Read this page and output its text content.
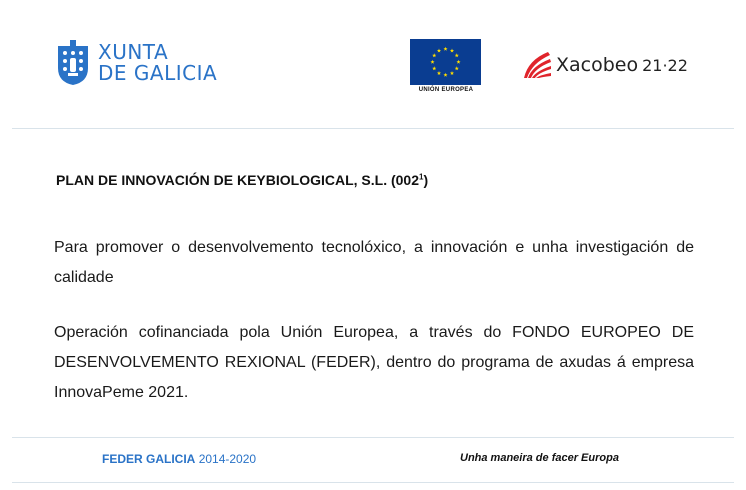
XUNTA
DE GALICIA
UNIÓN EUROPEA
Xacobeo 21·22
PLAN DE INNOVACIÓN DE KEYBIOLOGICAL, S.L. $(002^1)$
Para promover o desenvolvemento tecnolóxico, a innovación e unha investigación de calidade
Operación cofinanciada pola Unión Europea, a través do FONDO EUROPEO DE DESENVOLVEMENTO REXIONAL (FEDER), dentro do programa de axudas á empresa InnovaPeme 2021.
FEDER GALICIA 2014-2020	Unha maneira de facer Europa
